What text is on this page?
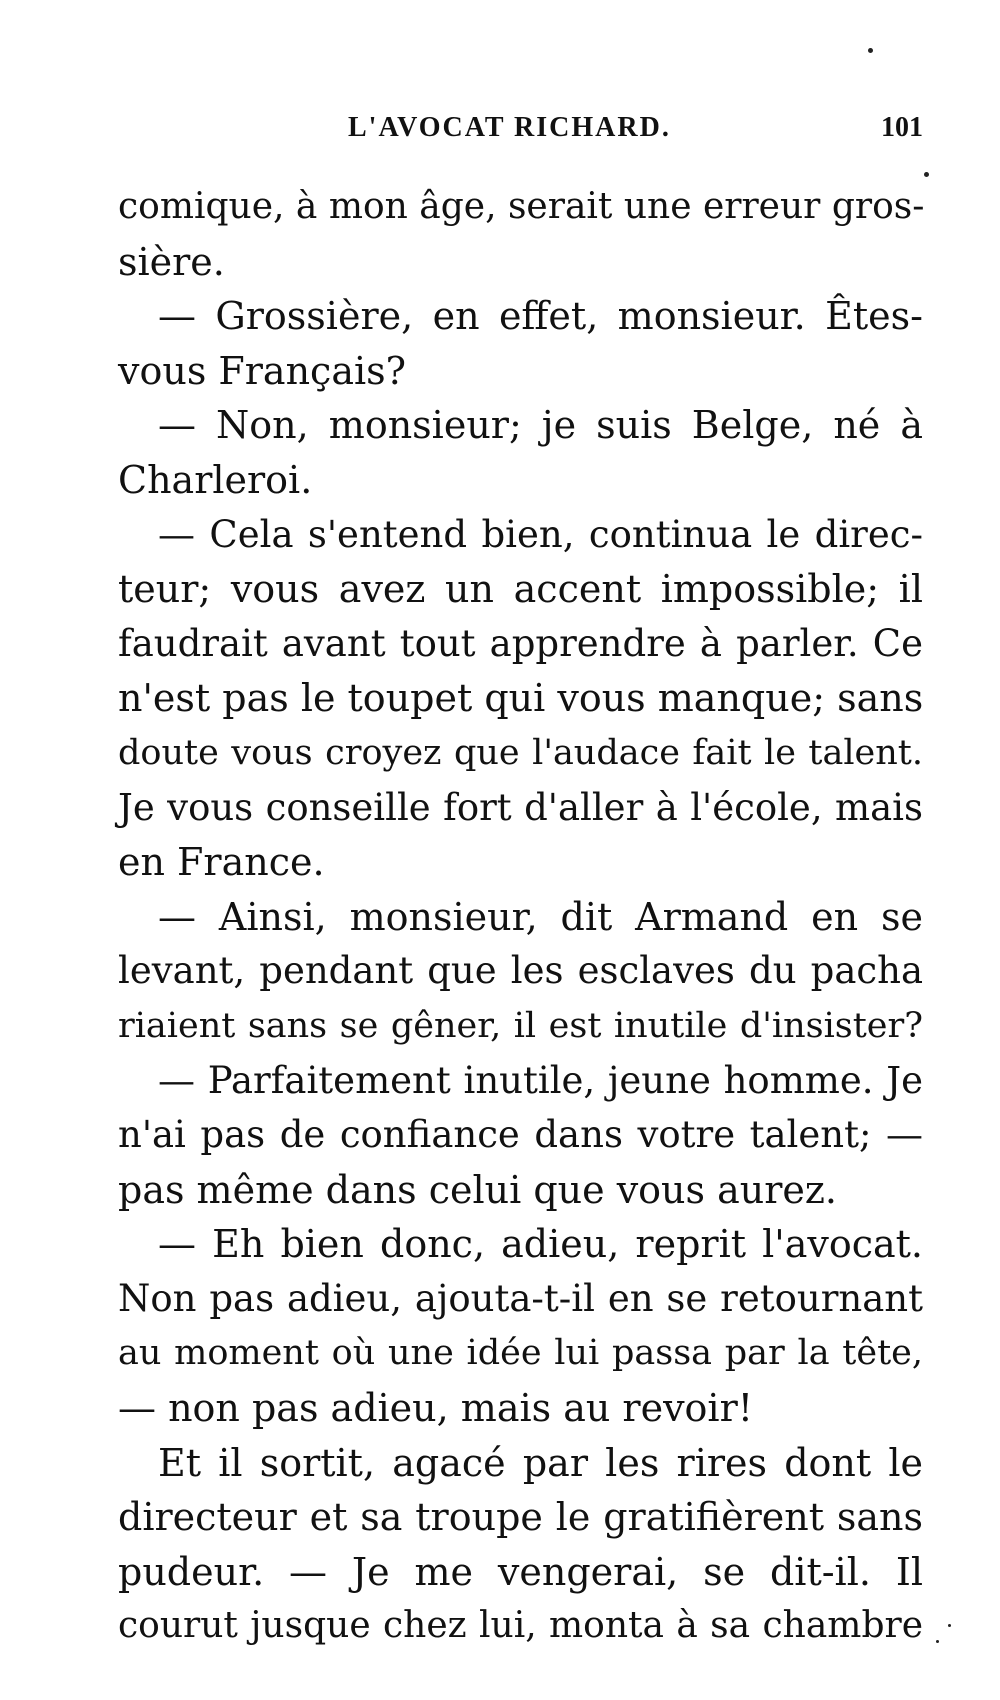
L'AVOCAT RICHARD.	101
comique, à mon âge, serait une erreur gros-
sière.
— Grossière, en effet, monsieur. Êtes-
vous Français?
— Non, monsieur; je suis Belge, né à
Charleroi.
— Cela s'entend bien, continua le direc-
teur; vous avez un accent impossible; il
faudrait avant tout apprendre à parler. Ce
n'est pas le toupet qui vous manque; sans
doute vous croyez que l'audace fait le talent.
Je vous conseille fort d'aller à l'école, mais
en France.
— Ainsi, monsieur, dit Armand en se
levant, pendant que les esclaves du pacha
riaient sans se gêner, il est inutile d'insister?
— Parfaitement inutile, jeune homme. Je
n'ai pas de confiance dans votre talent; —
pas même dans celui que vous aurez.
— Eh bien donc, adieu, reprit l'avocat.
Non pas adieu, ajouta-t-il en se retournant
au moment où une idée lui passa par la tête,
— non pas adieu, mais au revoir!
Et il sortit, agacé par les rires dont le
directeur et sa troupe le gratifièrent sans
pudeur. — Je me vengerai, se dit-il. Il
courut jusque chez lui, monta à sa chambre
